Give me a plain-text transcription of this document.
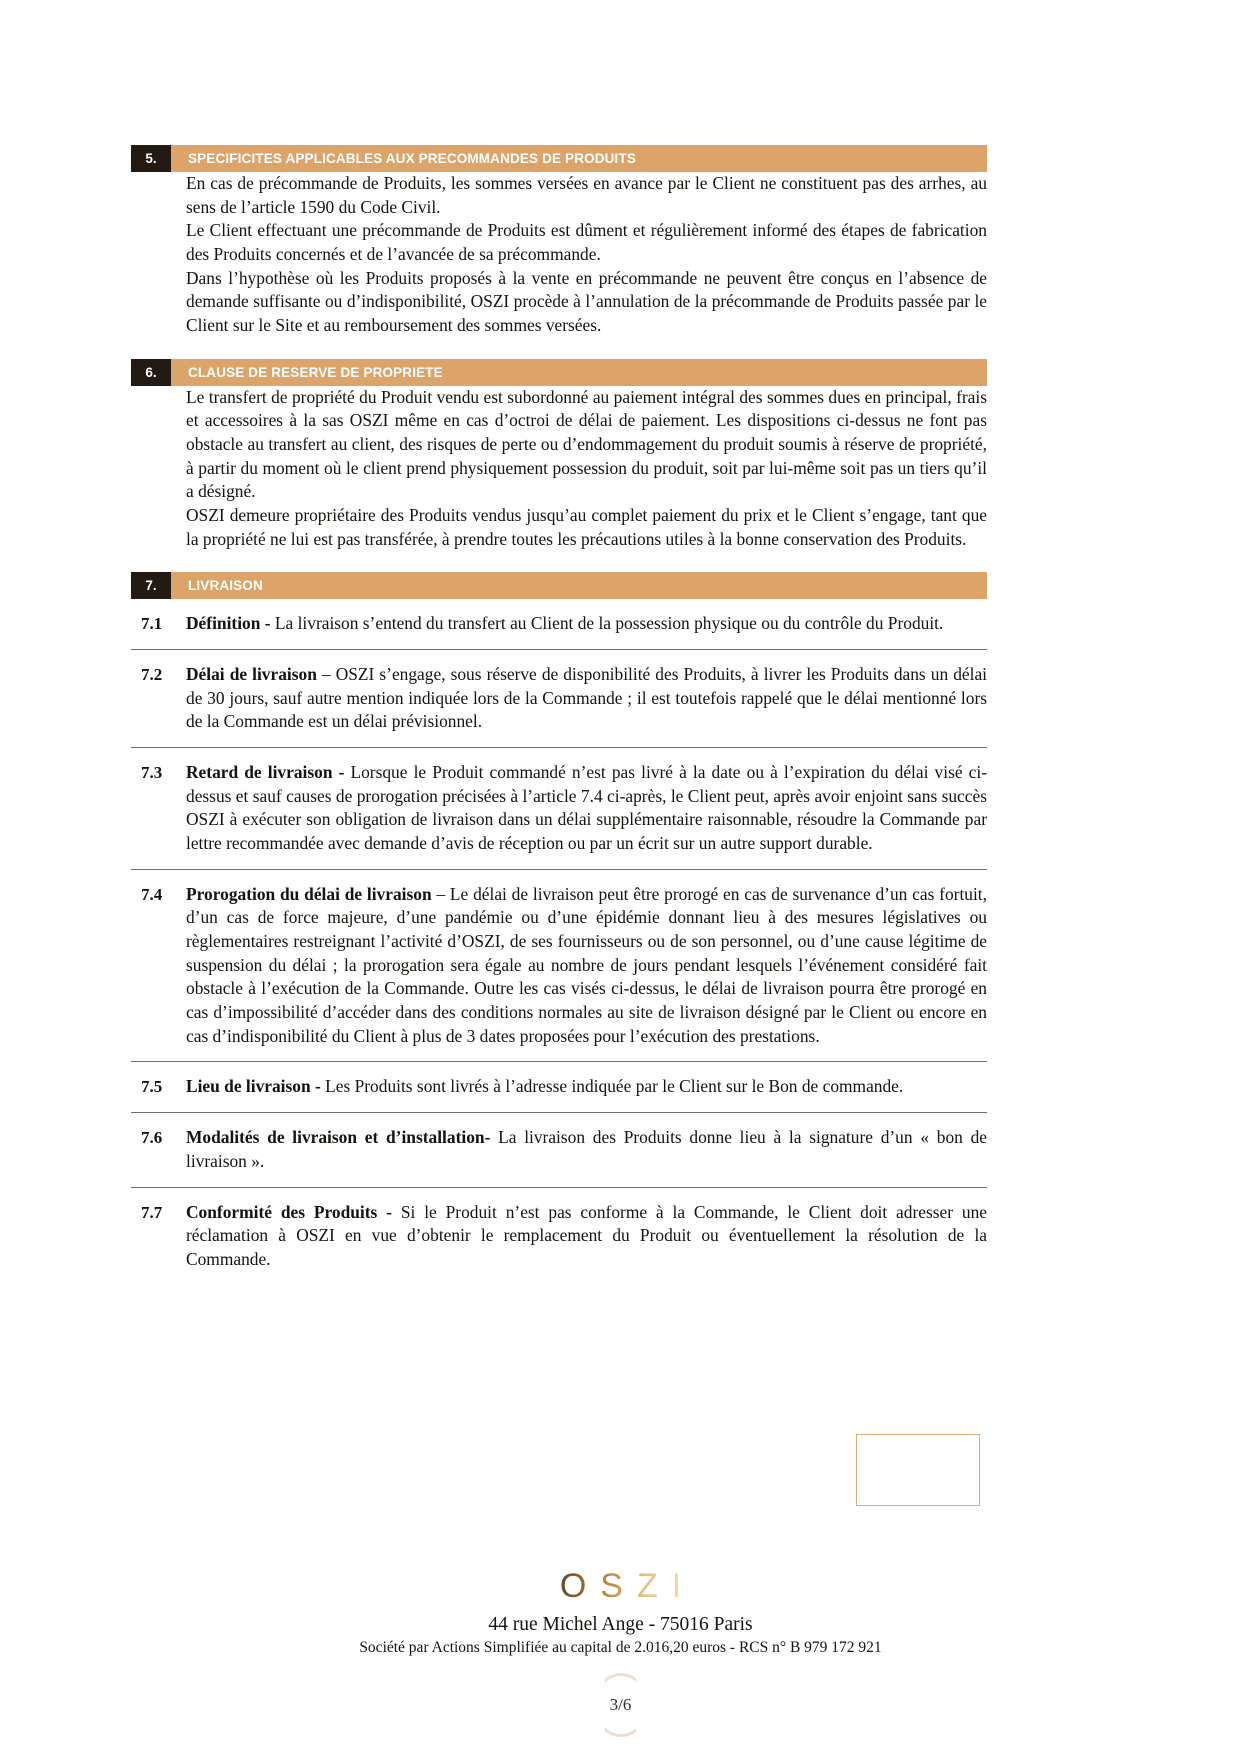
5.	SPECIFICITES APPLICABLES AUX PRECOMMANDES DE PRODUITS

En cas de précommande de Produits, les sommes versées en avance par le Client ne constituent pas des arrhes, au sens de l’article 1590 du Code Civil.

Le Client effectuant une précommande de Produits est dûment et régulièrement informé des étapes de fabrication des Produits concernés et de l’avancée de sa précommande.

Dans l’hypothèse où les Produits proposés à la vente en précommande ne peuvent être conçus en l’absence de demande suffisante ou d’indisponibilité, OSZI procède à l’annulation de la précommande de Produits passée par le Client sur le Site et au remboursement des sommes versées.

6.	CLAUSE DE RESERVE DE PROPRIETE

Le transfert de propriété du Produit vendu est subordonné au paiement intégral des sommes dues en principal, frais et accessoires à la sas OSZI même en cas d’octroi de délai de paiement. Les dispositions ci-dessus ne font pas obstacle au transfert au client, des risques de perte ou d’endommagement du produit soumis à réserve de propriété, à partir du moment où le client prend physiquement possession du produit, soit par lui-même soit pas un tiers qu’il a désigné.

OSZI demeure propriétaire des Produits vendus jusqu’au complet paiement du prix et le Client s’engage, tant que la propriété ne lui est pas transférée, à prendre toutes les précautions utiles à la bonne conservation des Produits.

7.	LIVRAISON
7.1	Définition - La livraison s’entend du transfert au Client de la possession physique ou du contrôle du Produit.
7.2	Délai de livraison – OSZI s’engage, sous réserve de disponibilité des Produits, à livrer les Produits dans un délai de 30 jours, sauf autre mention indiquée lors de la Commande ; il est toutefois rappelé que le délai mentionné lors de la Commande est un délai prévisionnel.
7.3	Retard de livraison - Lorsque le Produit commandé n’est pas livré à la date ou à l’expiration du délai visé ci-dessus et sauf causes de prorogation précisées à l’article 7.4 ci-après, le Client peut, après avoir enjoint sans succès OSZI à exécuter son obligation de livraison dans un délai supplémentaire raisonnable, résoudre la Commande par lettre recommandée avec demande d’avis de réception ou par un écrit sur un autre support durable.
7.4	Prorogation du délai de livraison – Le délai de livraison peut être prorogé en cas de survenance d’un cas fortuit, d’un cas de force majeure, d’une pandémie ou d’une épidémie donnant lieu à des mesures législatives ou règlementaires restreignant l’activité d’OSZI, de ses fournisseurs ou de son personnel, ou d’une cause légitime de suspension du délai ; la prorogation sera égale au nombre de jours pendant lesquels l’événement considéré fait obstacle à l’exécution de la Commande. Outre les cas visés ci-dessus, le délai de livraison pourra être prorogé en cas d’impossibilité d’accéder dans des conditions normales au site de livraison désigné par le Client ou encore en cas d’indisponibilité du Client à plus de 3 dates proposées pour l’exécution des prestations.
7.5	Lieu de livraison - Les Produits sont livrés à l’adresse indiquée par le Client sur le Bon de commande.
7.6	Modalités de livraison et d’installation- La livraison des Produits donne lieu à la signature d’un « bon de livraison ».
7.7	Conformité des Produits - Si le Produit n’est pas conforme à la Commande, le Client doit adresser une réclamation à OSZI en vue d’obtenir le remplacement du Produit ou éventuellement la résolution de la Commande.
OSZI
44 rue Michel Ange - 75016 Paris
Société par Actions Simplifiée au capital de 2.016,20 euros - RCS n° B 979 172 921
3/6
